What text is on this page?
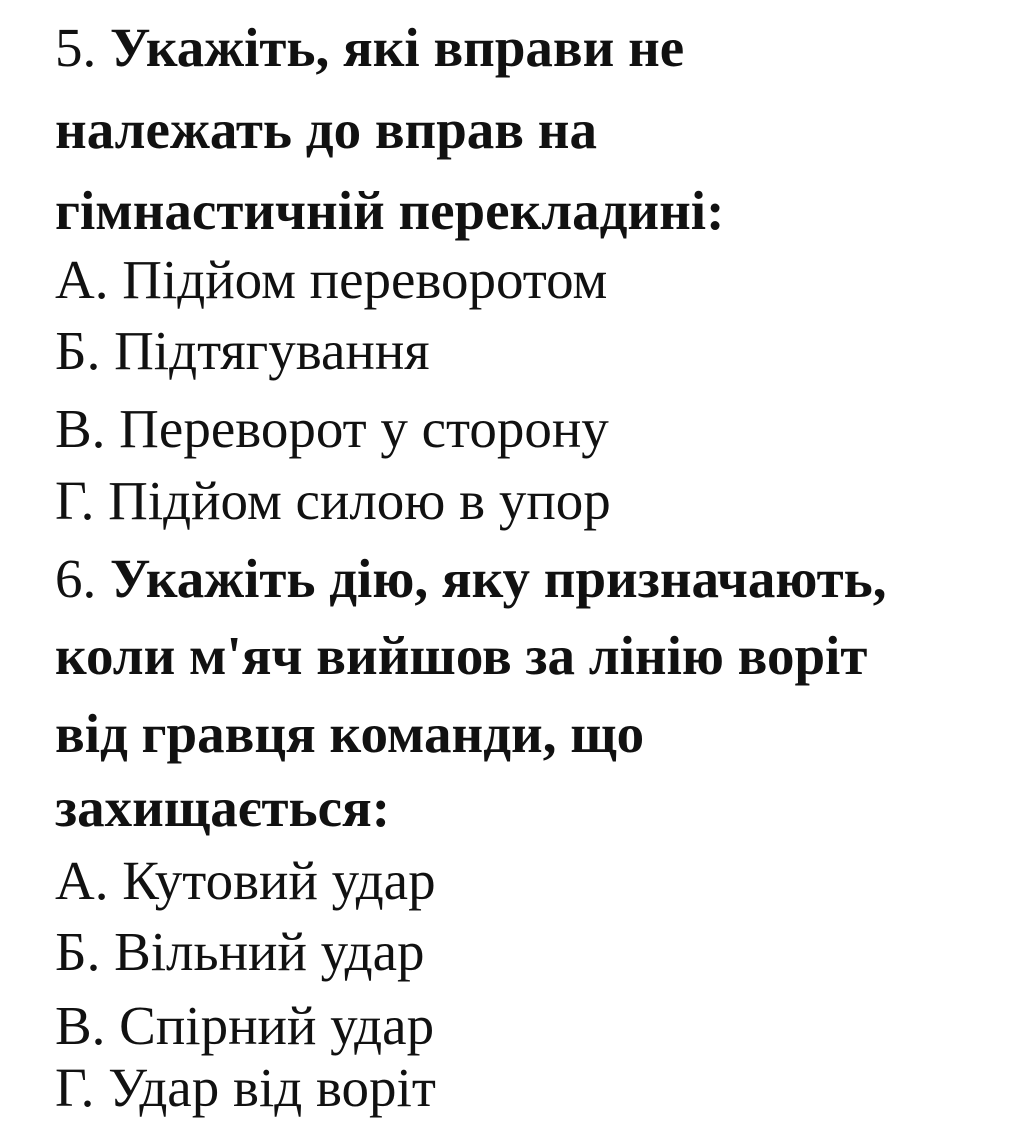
5. Укажіть, які вправи не
належать до вправ на
гімнастичній перекладині:
А. Підйом переворотом
Б. Підтягування
В. Переворот у сторону
Г. Підйом силою в упор
6. Укажіть дію, яку призначають,
коли м'яч вийшов за лінію воріт
від гравця команди, що
захищається:
А. Кутовий удар
Б. Вільний удар
В. Спірний удар
Г. Удар від воріт
